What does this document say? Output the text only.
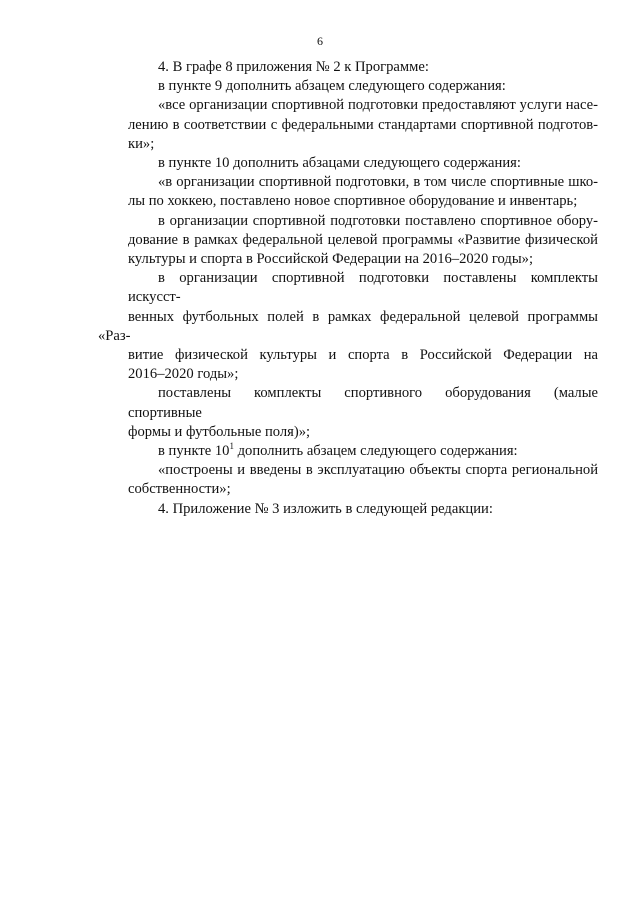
6
4. В графе 8 приложения № 2 к Программе:
в пункте 9 дополнить абзацем следующего содержания:
«все организации спортивной подготовки предоставляют услуги насе-
лению в соответствии с федеральными стандартами спортивной подготов-
ки»;
в пункте 10 дополнить абзацами следующего содержания:
«в организации спортивной подготовки, в том числе спортивные шко-
лы по хоккею, поставлено новое спортивное оборудование и инвентарь;
в организации спортивной подготовки поставлено спортивное обору-
дование в рамках федеральной целевой программы «Развитие физической
культуры и спорта в Российской Федерации на 2016–2020 годы»;
в организации спортивной подготовки поставлены комплекты искусст-
венных футбольных полей в рамках федеральной целевой программы «Раз-
витие физической культуры и спорта в Российской Федерации на
2016–2020 годы»;
поставлены комплекты спортивного оборудования (малые спортивные
формы и футбольные поля)»;
в пункте $10^1$ дополнить абзацем следующего содержания:
«построены и введены в эксплуатацию объекты спорта региональной
собственности»;
4. Приложение № 3 изложить в следующей редакции:
